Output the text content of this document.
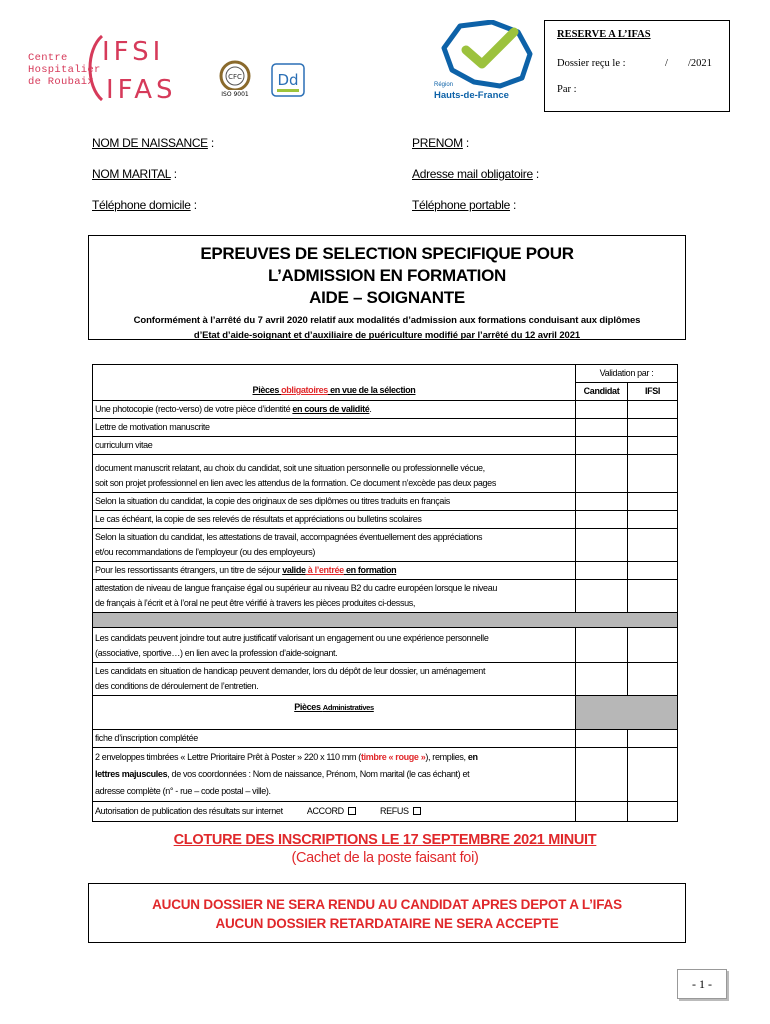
Centre
Hospitalier
de Roubaix
IFSI
IFAS	CFC
ISO 9001
Dd	Région
Hauts-de-France
RESERVE A L’IFAS
Dossier reçu le :	/ /2021
Par :
NOM DE NAISSANCE :	PRENOM :
NOM MARITAL :	Adresse mail obligatoire :
Téléphone domicile :	Téléphone portable :
EPREUVES DE SELECTION SPECIFIQUE POUR
L’ADMISSION EN FORMATION
AIDE – SOIGNANTE
Conformément à l’arrêté du 7 avril 2020 relatif aux modalités d’admission aux formations conduisant aux diplômes
d’Etat d’aide-soignant et d’auxiliaire de puériculture modifié par l’arrêté du 12 avril 2021
Pièces obligatoires en vue de la sélection	Validation par :	
	Candidat	IFSI
Une photocopie (recto-verso) de votre pièce d’identité en cours de validité.		
Lettre de motivation manuscrite		
curriculum vitae		

document manuscrit relatant, au choix du candidat, soit une situation personnelle ou professionnelle vécue,
soit son projet professionnel en lien avec les attendus de la formation. Ce document n’excède pas deux pages		

Selon la situation du candidat, la copie des originaux de ses diplômes ou titres traduits en français		
Le cas échéant, la copie de ses relevés de résultats et appréciations ou bulletins scolaires		

Selon la situation du candidat, les attestations de travail, accompagnées éventuellement des appréciations
et/ou recommandations de l’employeur (ou des employeurs)		

Pour les ressortissants étrangers, un titre de séjour valide à l’entrée en formation		

attestation de niveau de langue française égal ou supérieur au niveau B2 du cadre européen lorsque le niveau
de français à l’écrit et à l’oral ne peut être vérifié à travers les pièces produites ci-dessus,		

Les candidats peuvent joindre tout autre justificatif valorisant un engagement ou une expérience personnelle
(associative, sportive…) en lien avec la profession d’aide-soignant.		

Les candidats en situation de handicap peuvent demander, lors du dépôt de leur dossier, un aménagement
des conditions de déroulement de l’entretien.		

Pièces Administratives		
fiche d’inscription complétée		

2 enveloppes timbrées « Lettre Prioritaire Prêt à Poster » 220 x 110 mm (timbre « rouge »), remplies, en
lettres majuscules, de vos coordonnées : Nom de naissance, Prénom, Nom marital (le cas échant) et
adresse complète (n° - rue – code postal – ville).		

Autorisation de publication des résultats sur internet ACCORD REFUS		
CLOTURE DES INSCRIPTIONS LE 17 SEPTEMBRE 2021 MINUIT
(Cachet de la poste faisant foi)
AUCUN DOSSIER NE SERA RENDU AU CANDIDAT APRES DEPOT A L’IFAS
AUCUN DOSSIER RETARDATAIRE NE SERA ACCEPTE
- 1 -
